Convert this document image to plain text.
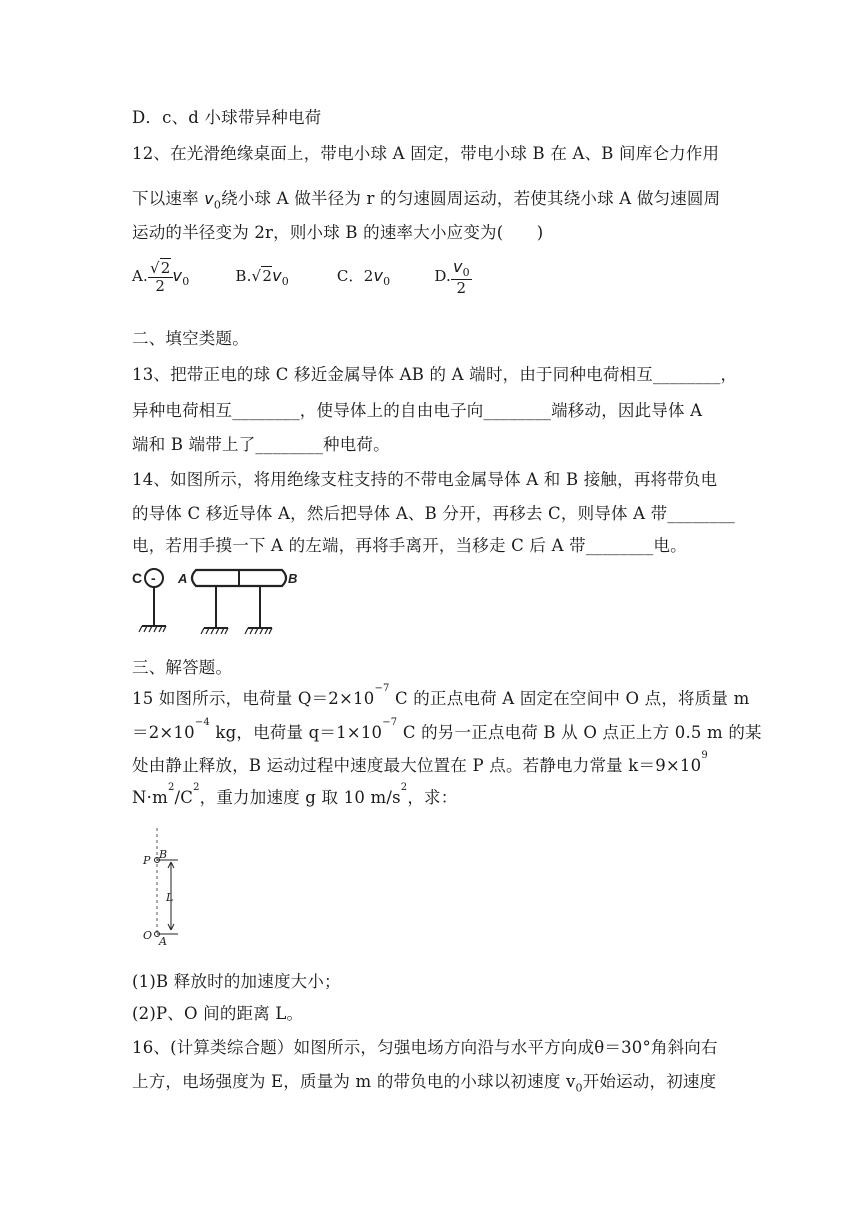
D．c、d 小球带异种电荷
12、在光滑绝缘桌面上，带电小球 A 固定，带电小球 B 在 A、B 间库仑力作用
下以速率 $v_0$绕小球 A 做半径为 r 的匀速圆周运动，若使其绕小球 A 做匀速圆周
运动的半径变为 2r，则小球 B 的速率大小应变为(　　)
A. $\frac{√2}{2} v_0$	$B.√2v_0$	C．$2v_0$	D. $\frac{v_0}{2}$
二、填空类题。
13、把带正电的球 C 移近金属导体 AB 的 A 端时，由于同种电荷相互________，
异种电荷相互________，使导体上的自由电子向________端移动，因此导体 A
端和 B 端带上了________种电荷。
14、如图所示，将用绝缘支柱支持的不带电金属导体 A 和 B 接触，再将带负电
的导体 C 移近导体 A，然后把导体 A、B 分开，再移去 C，则导体 A 带________
电，若用手摸一下 A 的左端，再将手离开，当移走 C 后 A 带________电。
C - A	B
三、解答题。
15 如图所示，电荷量 $Q=2\times 10^{-7}$ C 的正点电荷 A 固定在空间中 O 点，将质量 m
$=2\times 10^{-4}$ kg，电荷量 $q=1\times 10^{-7}$ C 的另一正点电荷 B 从 O 点正上方 0.5 m 的某
处由静止释放，B 运动过程中速度最大位置在 P 点。若静电力常量 $k=9\times 10^9$
$N\cdot m^2/C^2$，重力加速度 g 取 10 $m/s^2$，求：
P B
L
O A
(1)B 释放时的加速度大小；
(2)P、O 间的距离 L。
16、(计算类综合题）如图所示，匀强电场方向沿与水平方向成θ＝30°角斜向右
上方，电场强度为 E，质量为 m 的带负电的小球以初速度 $v_0$开始运动，初速度
